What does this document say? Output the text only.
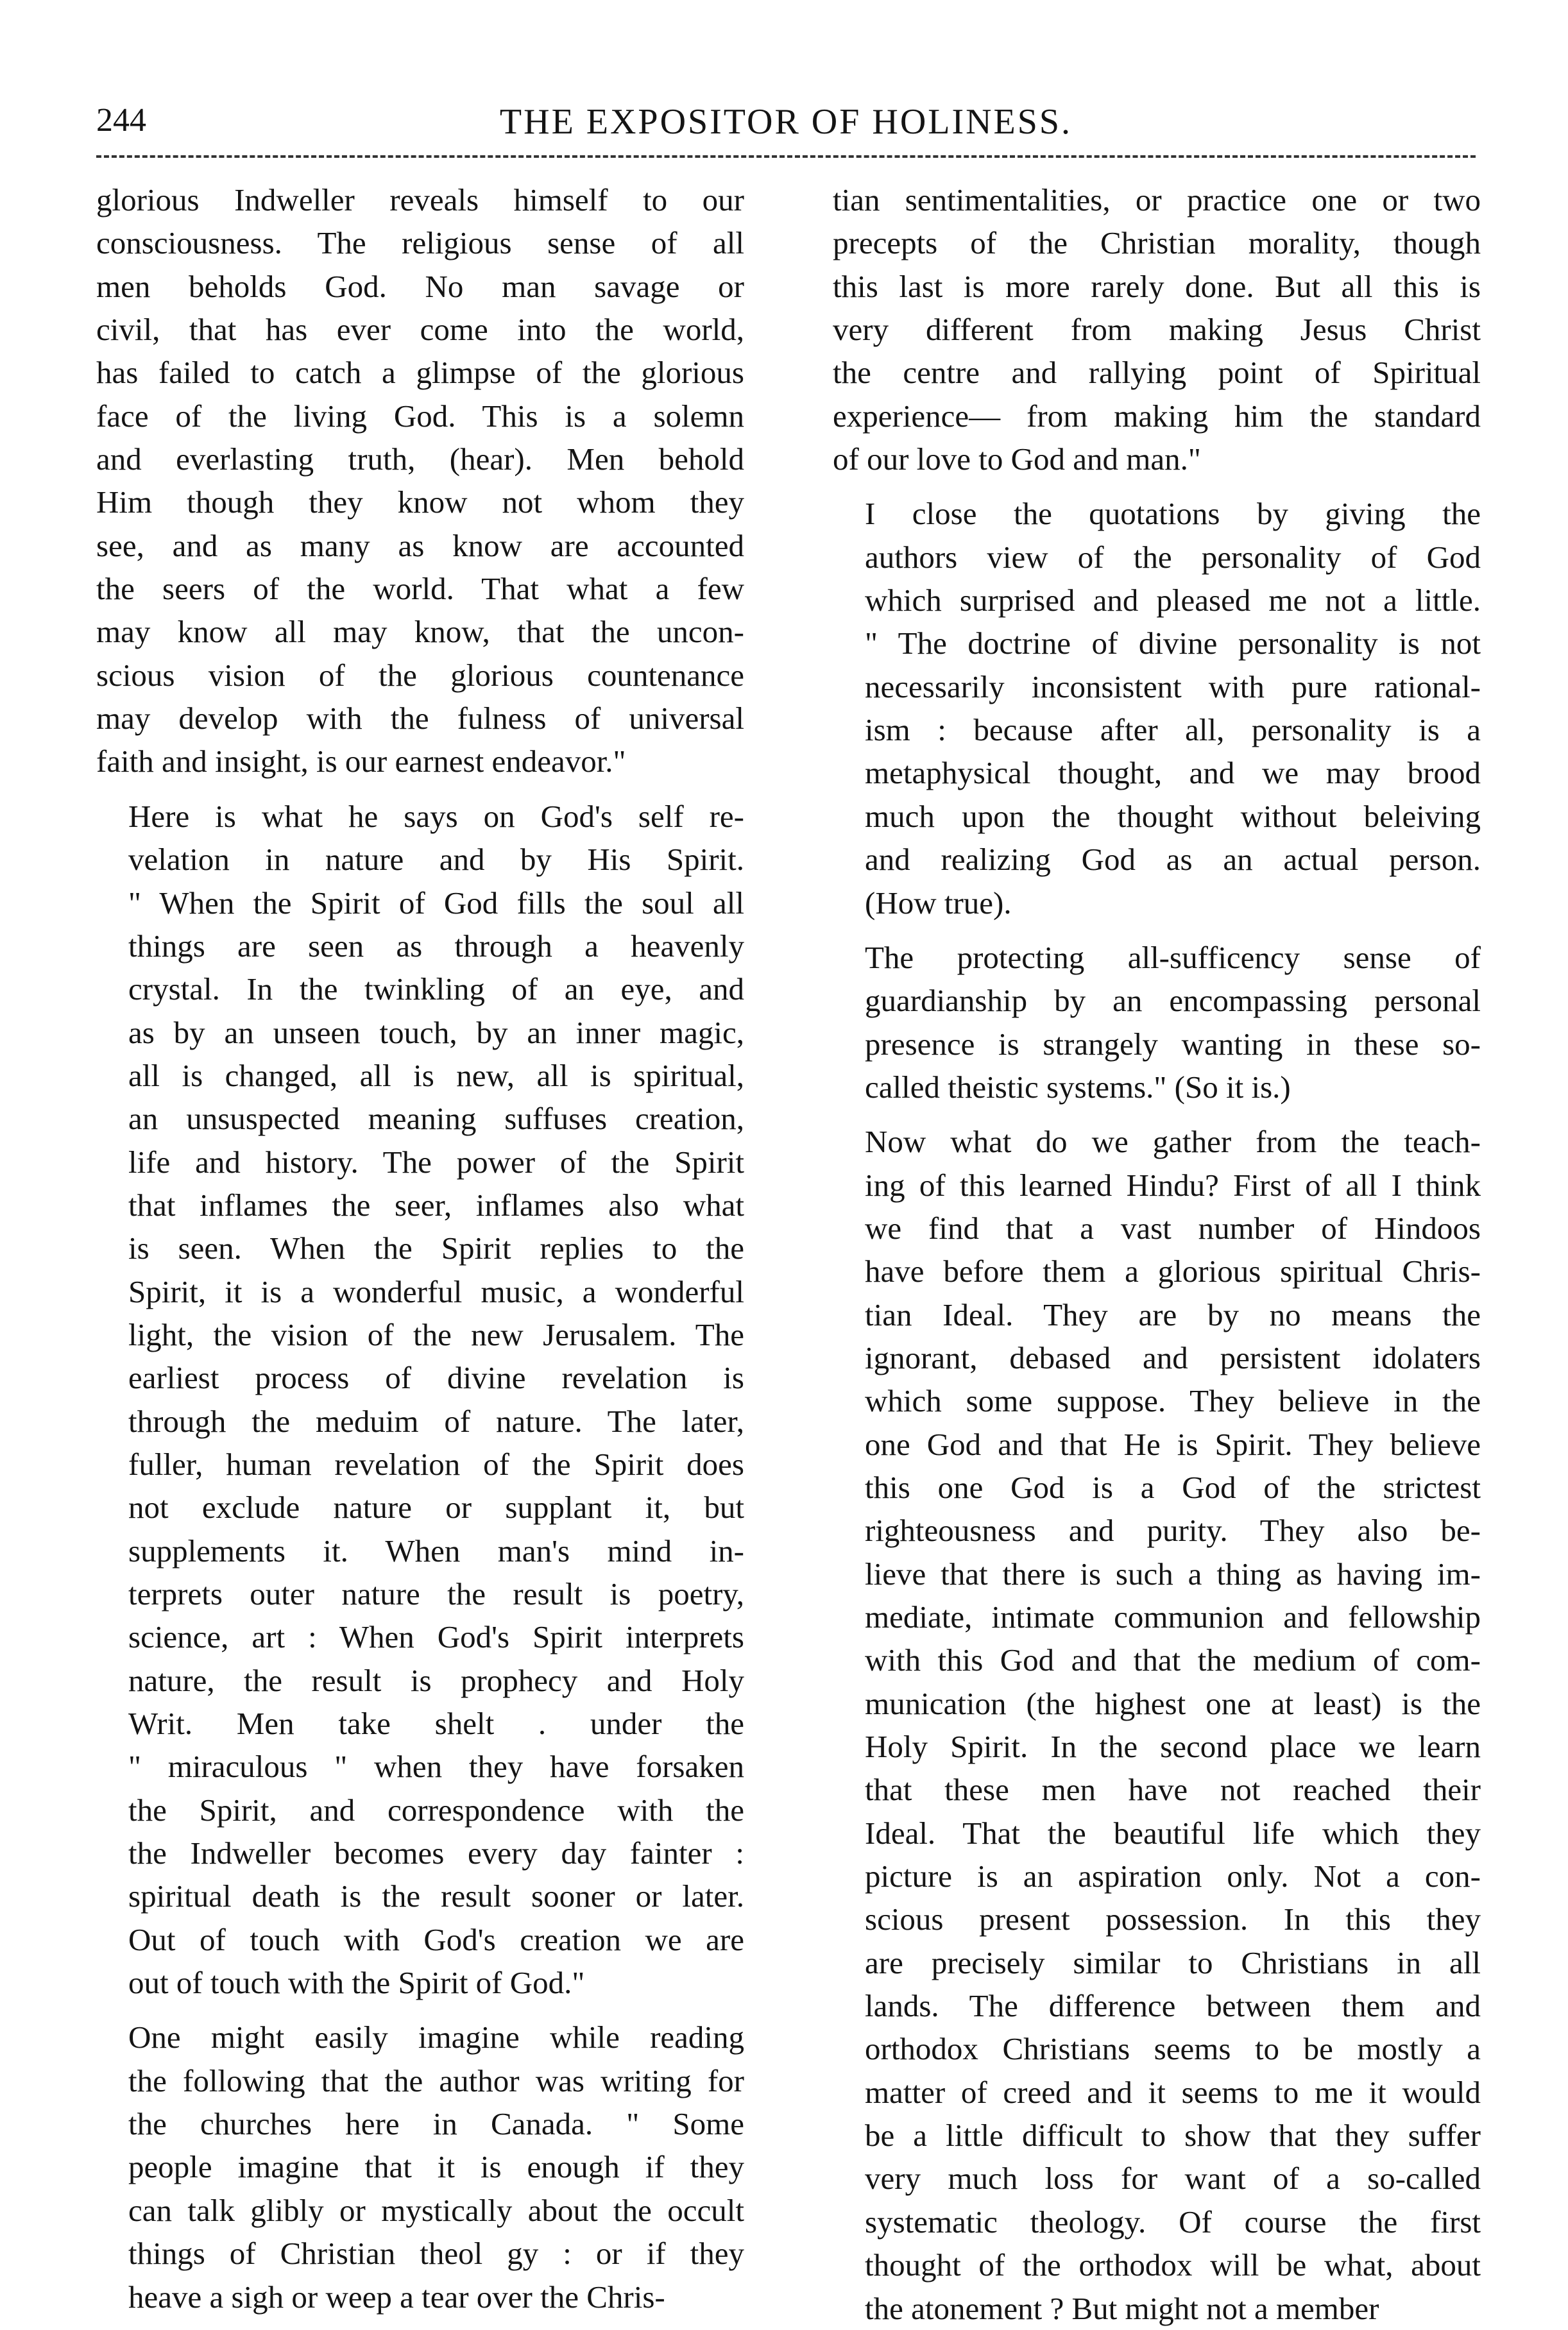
244	THE EXPOSITOR OF HOLINESS.

glorious Indweller reveals himself to our
consciousness. The religious sense of all
men beholds God. No man savage or
civil, that has ever come into the world,
has failed to catch a glimpse of the glorious
face of the living God. This is a solemn
and everlasting truth, (hear). Men behold
Him though they know not whom they
see, and as many as know are accounted
the seers of the world. That what a few
may know all may know, that the uncon-
scious vision of the glorious countenance
may develop with the fulness of universal
faith and insight, is our earnest endeavor."

Here is what he says on God's self re-
velation in nature and by His Spirit.
" When the Spirit of God fills the soul all
things are seen as through a heavenly
crystal. In the twinkling of an eye, and
as by an unseen touch, by an inner magic,
all is changed, all is new, all is spiritual,
an unsuspected meaning suffuses creation,
life and history. The power of the Spirit
that inflames the seer, inflames also what
is seen. When the Spirit replies to the
Spirit, it is a wonderful music, a wonderful
light, the vision of the new Jerusalem. The
earliest process of divine revelation is
through the meduim of nature. The later,
fuller, human revelation of the Spirit does
not exclude nature or supplant it, but
supplements it. When man's mind in-
terprets outer nature the result is poetry,
science, art : When God's Spirit interprets
nature, the result is prophecy and Holy
Writ. Men take shelt . under the
" miraculous " when they have forsaken
the Spirit, and correspondence with the
the Indweller becomes every day fainter :
spiritual death is the result sooner or later.
Out of touch with God's creation we are
out of touch with the Spirit of God."

One might easily imagine while reading
the following that the author was writing for
the churches here in Canada. " Some
people imagine that it is enough if they
can talk glibly or mystically about the occult
things of Christian theol gy : or if they
heave a sigh or weep a tear over the Chris-

tian sentimentalities, or practice one or two
precepts of the Christian morality, though
this last is more rarely done. But all this is
very different from making Jesus Christ
the centre and rallying point of Spiritual
experience— from making him the standard
of our love to God and man."

I close the quotations by giving the
authors view of the personality of God
which surprised and pleased me not a little.
" The doctrine of divine personality is not
necessarily inconsistent with pure rational-
ism : because after all, personality is a
metaphysical thought, and we may brood
much upon the thought without beleiving
and realizing God as an actual person.
(How true).

The protecting all-sufficency sense of
guardianship by an encompassing personal
presence is strangely wanting in these so-
called theistic systems." (So it is.)

Now what do we gather from the teach-
ing of this learned Hindu? First of all I think
we find that a vast number of Hindoos
have before them a glorious spiritual Chris-
tian Ideal. They are by no means the
ignorant, debased and persistent idolaters
which some suppose. They believe in the
one God and that He is Spirit. They believe
this one God is a God of the strictest
righteousness and purity. They also be-
lieve that there is such a thing as having im-
mediate, intimate communion and fellowship
with this God and that the medium of com-
munication (the highest one at least) is the
Holy Spirit. In the second place we learn
that these men have not reached their
Ideal. That the beautiful life which they
picture is an aspiration only. Not a con-
scious present possession. In this they
are precisely similar to Christians in all
lands. The difference between them and
orthodox Christians seems to be mostly a
matter of creed and it seems to me it would
be a little difficult to show that they suffer
very much loss for want of a so-called
systematic theology. Of course the first
thought of the orthodox will be what, about
the atonement ? But might not a member
